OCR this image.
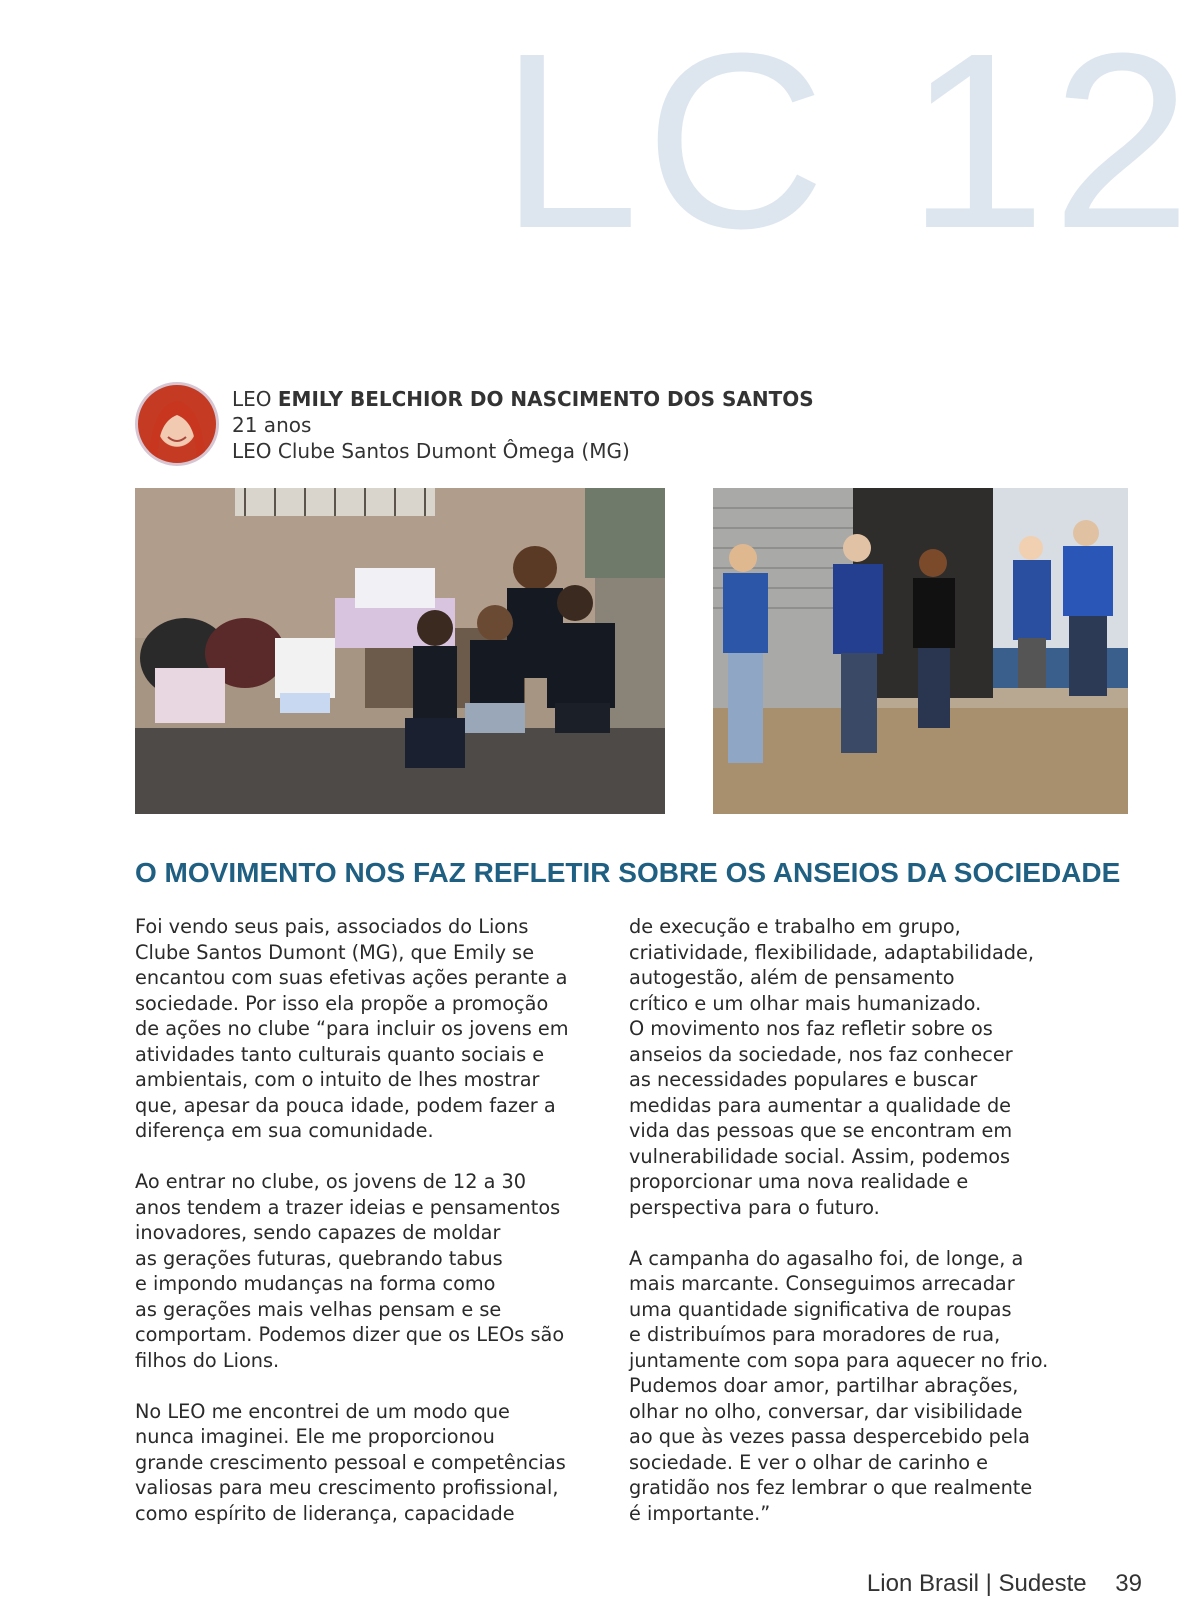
LC 12
LEO EMILY BELCHIOR DO NASCIMENTO DOS SANTOS
21 anos
LEO Clube Santos Dumont Ômega (MG)
O MOVIMENTO NOS FAZ REFLETIR SOBRE OS ANSEIOS DA SOCIEDADE

Foi vendo seus pais, associados do Lions
Clube Santos Dumont (MG), que Emily se
encantou com suas efetivas ações perante a
sociedade. Por isso ela propõe a promoção
de ações no clube “para incluir os jovens em
atividades tanto culturais quanto sociais e
ambientais, com o intuito de lhes mostrar
que, apesar da pouca idade, podem fazer a
diferença em sua comunidade.

Ao entrar no clube, os jovens de 12 a 30
anos tendem a trazer ideias e pensamentos
inovadores, sendo capazes de moldar
as gerações futuras, quebrando tabus
e impondo mudanças na forma como
as gerações mais velhas pensam e se
comportam. Podemos dizer que os LEOs são
filhos do Lions.

No LEO me encontrei de um modo que
nunca imaginei. Ele me proporcionou
grande crescimento pessoal e competências
valiosas para meu crescimento profissional,
como espírito de liderança, capacidade

de execução e trabalho em grupo,
criatividade, flexibilidade, adaptabilidade,
autogestão, além de pensamento
crítico e um olhar mais humanizado.
O movimento nos faz refletir sobre os
anseios da sociedade, nos faz conhecer
as necessidades populares e buscar
medidas para aumentar a qualidade de
vida das pessoas que se encontram em
vulnerabilidade social. Assim, podemos
proporcionar uma nova realidade e
perspectiva para o futuro.

A campanha do agasalho foi, de longe, a
mais marcante. Conseguimos arrecadar
uma quantidade significativa de roupas
e distribuímos para moradores de rua,
juntamente com sopa para aquecer no frio.
Pudemos doar amor, partilhar abrações,
olhar no olho, conversar, dar visibilidade
ao que às vezes passa despercebido pela
sociedade. E ver o olhar de carinho e
gratidão nos fez lembrar o que realmente
é importante.”

Lion Brasil | Sudeste 39
